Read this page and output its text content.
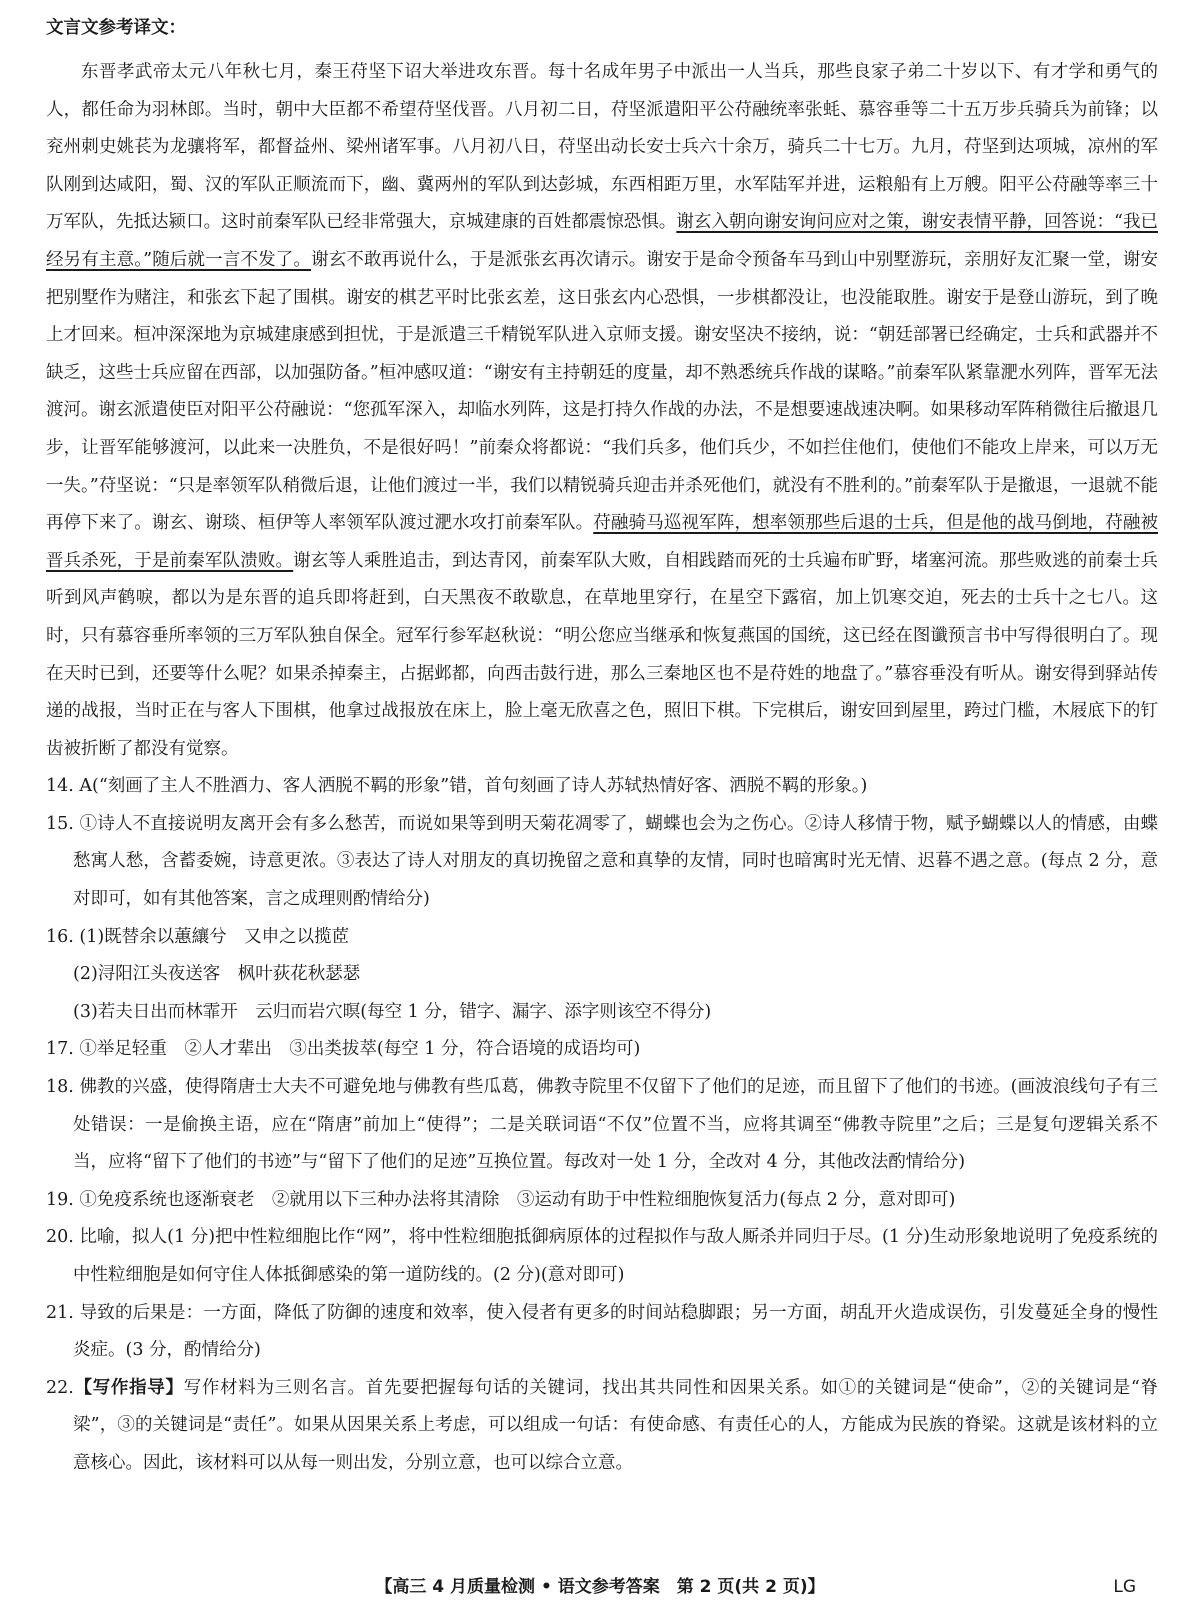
文言文参考译文：

东晋孝武帝太元八年秋七月，秦王苻坚下诏大举进攻东晋。每十名成年男子中派出一人当兵，那些良家子弟二十岁以下、有才学和勇气的人，都任命为羽林郎。当时，朝中大臣都不希望苻坚伐晋。八月初二日，苻坚派遣阳平公苻融统率张蚝、慕容垂等二十五万步兵骑兵为前锋；以兖州刺史姚苌为龙骧将军，都督益州、梁州诸军事。八月初八日，苻坚出动长安士兵六十余万，骑兵二十七万。九月，苻坚到达项城，凉州的军队刚到达咸阳，蜀、汉的军队正顺流而下，幽、冀两州的军队到达彭城，东西相距万里，水军陆军并进，运粮船有上万艘。阳平公苻融等率三十万军队，先抵达颍口。这时前秦军队已经非常强大，京城建康的百姓都震惊恐惧。谢玄入朝向谢安询问应对之策，谢安表情平静，回答说：“我已经另有主意。”随后就一言不发了。谢玄不敢再说什么，于是派张玄再次请示。谢安于是命令预备车马到山中别墅游玩，亲朋好友汇聚一堂，谢安把别墅作为赌注，和张玄下起了围棋。谢安的棋艺平时比张玄差，这日张玄内心恐惧，一步棋都没让，也没能取胜。谢安于是登山游玩，到了晚上才回来。桓冲深深地为京城建康感到担忧，于是派遣三千精锐军队进入京师支援。谢安坚决不接纳，说：“朝廷部署已经确定，士兵和武器并不缺乏，这些士兵应留在西部，以加强防备。”桓冲感叹道：“谢安有主持朝廷的度量，却不熟悉统兵作战的谋略。”前秦军队紧靠淝水列阵，晋军无法渡河。谢玄派遣使臣对阳平公苻融说：“您孤军深入，却临水列阵，这是打持久作战的办法，不是想要速战速决啊。如果移动军阵稍微往后撤退几步，让晋军能够渡河，以此来一决胜负，不是很好吗！”前秦众将都说：“我们兵多，他们兵少，不如拦住他们，使他们不能攻上岸来，可以万无一失。”苻坚说：“只是率领军队稍微后退，让他们渡过一半，我们以精锐骑兵迎击并杀死他们，就没有不胜利的。”前秦军队于是撤退，一退就不能再停下来了。谢玄、谢琰、桓伊等人率领军队渡过淝水攻打前秦军队。苻融骑马巡视军阵，想率领那些后退的士兵，但是他的战马倒地，苻融被晋兵杀死，于是前秦军队溃败。谢玄等人乘胜追击，到达青冈，前秦军队大败，自相践踏而死的士兵遍布旷野，堵塞河流。那些败逃的前秦士兵听到风声鹤唳，都以为是东晋的追兵即将赶到，白天黑夜不敢歇息，在草地里穿行，在星空下露宿，加上饥寒交迫，死去的士兵十之七八。这时，只有慕容垂所率领的三万军队独自保全。冠军行参军赵秋说：“明公您应当继承和恢复燕国的国统，这已经在图谶预言书中写得很明白了。现在天时已到，还要等什么呢？如果杀掉秦主，占据邺都，向西击鼓行进，那么三秦地区也不是苻姓的地盘了。”慕容垂没有听从。谢安得到驿站传递的战报，当时正在与客人下围棋，他拿过战报放在床上，脸上毫无欣喜之色，照旧下棋。下完棋后，谢安回到屋里，跨过门槛，木屐底下的钉齿被折断了都没有觉察。

14. A(“刻画了主人不胜酒力、客人洒脱不羁的形象”错，首句刻画了诗人苏轼热情好客、洒脱不羁的形象。)

15. ①诗人不直接说明友离开会有多么愁苦，而说如果等到明天菊花凋零了，蝴蝶也会为之伤心。②诗人移情于物，赋予蝴蝶以人的情感，由蝶愁寓人愁，含蓄委婉，诗意更浓。③表达了诗人对朋友的真切挽留之意和真挚的友情，同时也暗寓时光无情、迟暮不遇之意。(每点 2 分，意对即可，如有其他答案，言之成理则酌情给分)

16. (1)既替余以蕙纕兮　又申之以揽茝

(2)浔阳江头夜送客　枫叶荻花秋瑟瑟

(3)若夫日出而林霏开　云归而岩穴暝(每空 1 分，错字、漏字、添字则该空不得分)

17. ①举足轻重　②人才辈出　③出类拔萃(每空 1 分，符合语境的成语均可)

18. 佛教的兴盛，使得隋唐士大夫不可避免地与佛教有些瓜葛，佛教寺院里不仅留下了他们的足迹，而且留下了他们的书迹。(画波浪线句子有三处错误：一是偷换主语，应在“隋唐”前加上“使得”；二是关联词语“不仅”位置不当，应将其调至“佛教寺院里”之后；三是复句逻辑关系不当，应将“留下了他们的书迹”与“留下了他们的足迹”互换位置。每改对一处 1 分，全改对 4 分，其他改法酌情给分)

19. ①免疫系统也逐渐衰老　②就用以下三种办法将其清除　③运动有助于中性粒细胞恢复活力(每点 2 分，意对即可)

20. 比喻，拟人(1 分)把中性粒细胞比作“网”，将中性粒细胞抵御病原体的过程拟作与敌人厮杀并同归于尽。(1 分)生动形象地说明了免疫系统的中性粒细胞是如何守住人体抵御感染的第一道防线的。(2 分)(意对即可)

21. 导致的后果是：一方面，降低了防御的速度和效率，使入侵者有更多的时间站稳脚跟；另一方面，胡乱开火造成误伤，引发蔓延全身的慢性炎症。(3 分，酌情给分)

22.【写作指导】写作材料为三则名言。首先要把握每句话的关键词，找出其共同性和因果关系。如①的关键词是“使命”，②的关键词是“脊梁”，③的关键词是“责任”。如果从因果关系上考虑，可以组成一句话：有使命感、有责任心的人，方能成为民族的脊梁。这就是该材料的立意核心。因此，该材料可以从每一则出发，分别立意，也可以综合立意。

【高三 4 月质量检测 • 语文参考答案　第 2 页(共 2 页)】	LG
